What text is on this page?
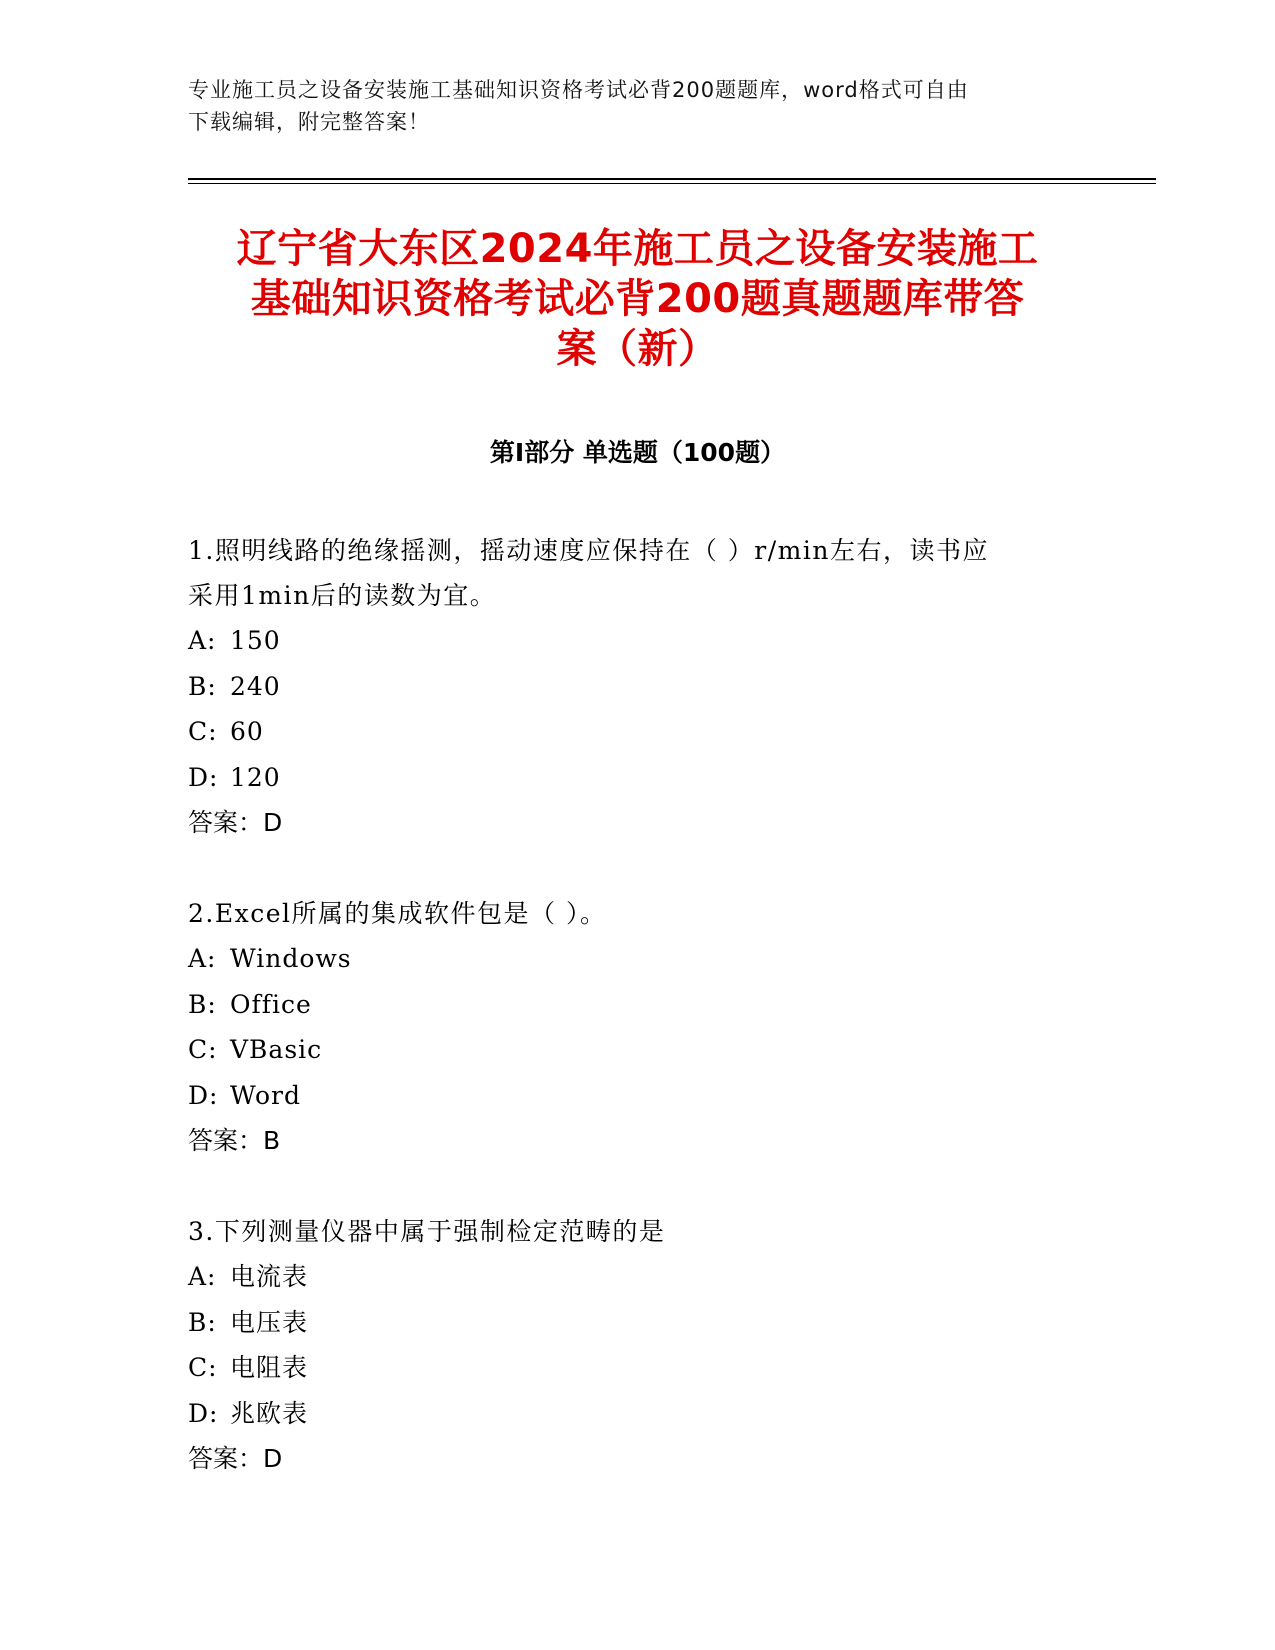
专业施工员之设备安装施工基础知识资格考试必背200题题库，word格式可自由
下载编辑，附完整答案！
辽宁省大东区2024年施工员之设备安装施工
基础知识资格考试必背200题真题题库带答
案（新）
第Ⅰ部分 单选题（100题）
1.照明线路的绝缘摇测，摇动速度应保持在（ ）r/min左右，读书应
采用1min后的读数为宜。
A: 150
B: 240
C: 60
D: 120
答案：D
2.Excel所属的集成软件包是（ ）。
A: Windows
B: Office
C: VBasic
D: Word
答案：B
3.下列测量仪器中属于强制检定范畴的是
A: 电流表
B: 电压表
C: 电阻表
D: 兆欧表
答案：D
